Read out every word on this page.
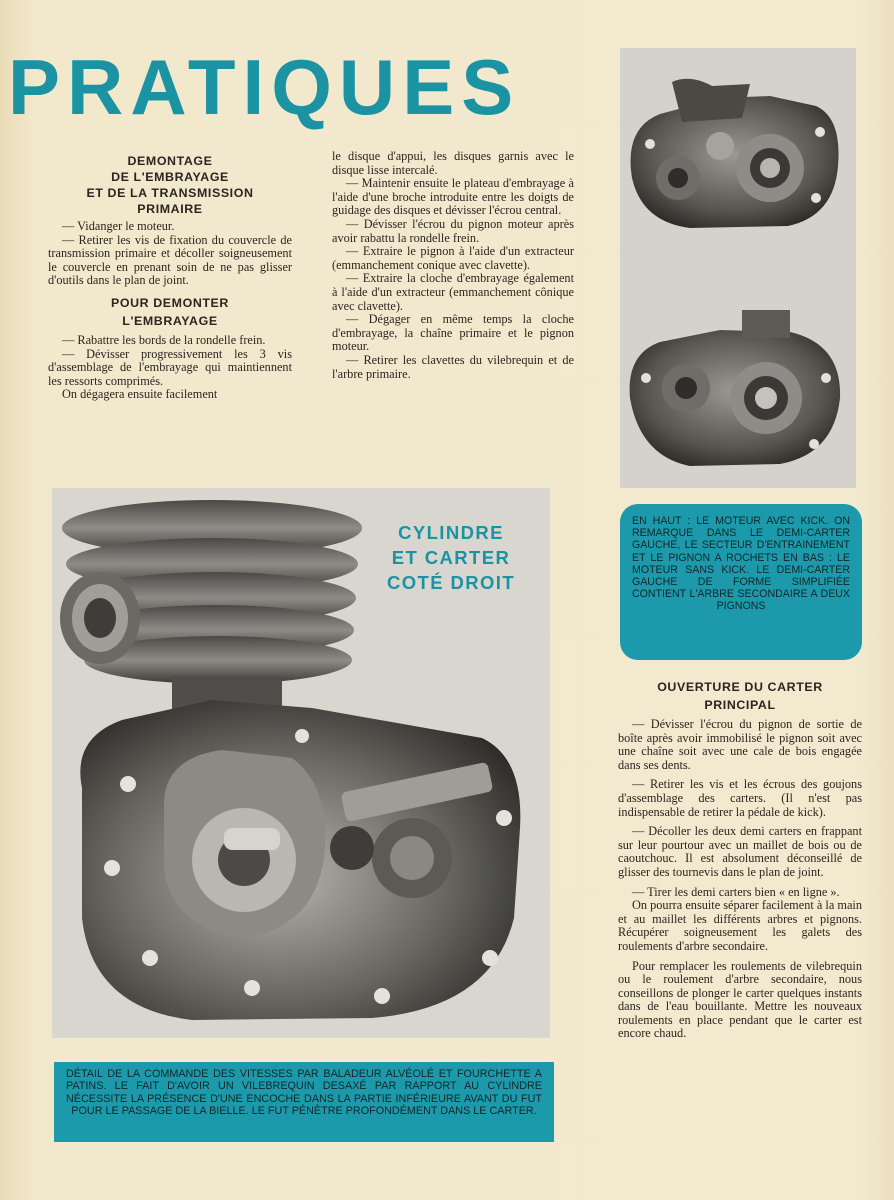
PRATIQUES
DEMONTAGE
DE L'EMBRAYAGE
ET DE LA TRANSMISSION
PRIMAIRE

— Vidanger le moteur.

— Retirer les vis de fixation du couvercle de transmission primaire et décoller soigneusement le couvercle en prenant soin de ne pas glisser d'outils dans le plan de joint.

POUR DEMONTER
L'EMBRAYAGE

— Rabattre les bords de la rondelle frein.

— Dévisser progressivement les 3 vis d'assemblage de l'embrayage qui maintiennent les ressorts comprimés.

On dégagera ensuite facilement

le disque d'appui, les disques garnis avec le disque lisse intercalé.

— Maintenir ensuite le plateau d'embrayage à l'aide d'une broche introduite entre les doigts de guidage des disques et dévisser l'écrou central.

— Dévisser l'écrou du pignon moteur après avoir rabattu la rondelle frein.

— Extraire le pignon à l'aide d'un extracteur (emmanchement conique avec clavette).

— Extraire la cloche d'embrayage également à l'aide d'un extracteur (emmanchement cônique avec clavette).

— Dégager en même temps la cloche d'embrayage, la chaîne primaire et le pignon moteur.

— Retirer les clavettes du vilebrequin et de l'arbre primaire.

EN HAUT : LE MOTEUR AVEC KICK. ON REMARQUE DANS LE DEMI-CARTER GAUCHE, LE SECTEUR D'ENTRAINEMENT ET LE PIGNON A ROCHETS EN BAS : LE MOTEUR SANS KICK. LE DEMI-CARTER GAUCHE DE FORME SIMPLIFIÉE CONTIENT L'ARBRE SECONDAIRE A DEUX PIGNONS
CYLINDRE
ET CARTER
COTÉ DROIT
DÉTAIL DE LA COMMANDE DES VITESSES PAR BALADEUR ALVÉOLÉ ET FOURCHETTE A PATINS. LE FAIT D'AVOIR UN VILEBREQUIN DESAXÉ PAR RAPPORT AU CYLINDRE NÉCESSITE LA PRÉSENCE D'UNE ENCOCHE DANS LA PARTIE INFÉRIEURE AVANT DU FUT POUR LE PASSAGE DE LA BIELLE. LE FUT PÉNÈTRE PROFONDÉMENT DANS LE CARTER.
OUVERTURE DU CARTER
PRINCIPAL

— Dévisser l'écrou du pignon de sortie de boîte après avoir immobilisé le pignon soit avec une chaîne soit avec une cale de bois engagée dans ses dents.

— Retirer les vis et les écrous des goujons d'assemblage des carters. (Il n'est pas indispensable de retirer la pédale de kick).

— Décoller les deux demi carters en frappant sur leur pourtour avec un maillet de bois ou de caoutchouc. Il est absolument déconseillé de glisser des tournevis dans le plan de joint.

— Tirer les demi carters bien « en ligne ».

On pourra ensuite séparer facilement à la main et au maillet les différents arbres et pignons. Récupérer soigneusement les galets des roulements d'arbre secondaire.

Pour remplacer les roulements de vilebrequin ou le roulement d'arbre secondaire, nous conseillons de plonger le carter quelques instants dans de l'eau bouillante. Mettre les nouveaux roulements en place pendant que le carter est encore chaud.
